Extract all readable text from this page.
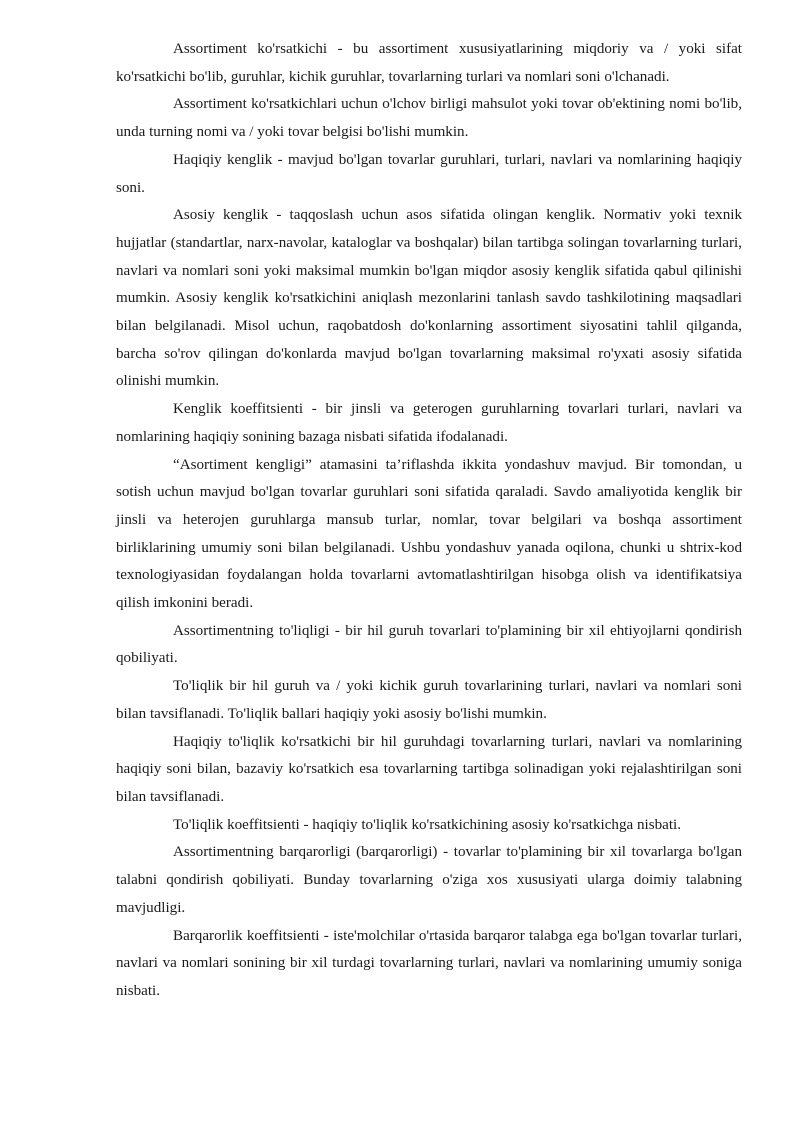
Assortiment ko'rsatkichi - bu assortiment xususiyatlarining miqdoriy va / yoki sifat ko'rsatkichi bo'lib, guruhlar, kichik guruhlar, tovarlarning turlari va nomlari soni o'lchanadi.

Assortiment ko'rsatkichlari uchun o'lchov birligi mahsulot yoki tovar ob'ektining nomi bo'lib, unda turning nomi va / yoki tovar belgisi bo'lishi mumkin.

Haqiqiy kenglik - mavjud bo'lgan tovarlar guruhlari, turlari, navlari va nomlarining haqiqiy soni.

Asosiy kenglik - taqqoslash uchun asos sifatida olingan kenglik. Normativ yoki texnik hujjatlar (standartlar, narx-navolar, kataloglar va boshqalar) bilan tartibga solingan tovarlarning turlari, navlari va nomlari soni yoki maksimal mumkin bo'lgan miqdor asosiy kenglik sifatida qabul qilinishi mumkin. Asosiy kenglik ko'rsatkichini aniqlash mezonlarini tanlash savdo tashkilotining maqsadlari bilan belgilanadi. Misol uchun, raqobatdosh do'konlarning assortiment siyosatini tahlil qilganda, barcha so'rov qilingan do'konlarda mavjud bo'lgan tovarlarning maksimal ro'yxati asosiy sifatida olinishi mumkin.

Kenglik koeffitsienti - bir jinsli va geterogen guruhlarning tovarlari turlari, navlari va nomlarining haqiqiy sonining bazaga nisbati sifatida ifodalanadi.

“Asortiment kengligi” atamasini ta’riflashda ikkita yondashuv mavjud. Bir tomondan, u sotish uchun mavjud bo'lgan tovarlar guruhlari soni sifatida qaraladi. Savdo amaliyotida kenglik bir jinsli va heterojen guruhlarga mansub turlar, nomlar, tovar belgilari va boshqa assortiment birliklarining umumiy soni bilan belgilanadi. Ushbu yondashuv yanada oqilona, chunki u shtrix-kod texnologiyasidan foydalangan holda tovarlarni avtomatlashtirilgan hisobga olish va identifikatsiya qilish imkonini beradi.

Assortimentning to'liqligi - bir hil guruh tovarlari to'plamining bir xil ehtiyojlarni qondirish qobiliyati.

To'liqlik bir hil guruh va / yoki kichik guruh tovarlarining turlari, navlari va nomlari soni bilan tavsiflanadi. To'liqlik ballari haqiqiy yoki asosiy bo'lishi mumkin.

Haqiqiy to'liqlik ko'rsatkichi bir hil guruhdagi tovarlarning turlari, navlari va nomlarining haqiqiy soni bilan, bazaviy ko'rsatkich esa tovarlarning tartibga solinadigan yoki rejalashtirilgan soni bilan tavsiflanadi.

To'liqlik koeffitsienti - haqiqiy to'liqlik ko'rsatkichining asosiy ko'rsatkichga nisbati.

Assortimentning barqarorligi (barqarorligi) - tovarlar to'plamining bir xil tovarlarga bo'lgan talabni qondirish qobiliyati. Bunday tovarlarning o'ziga xos xususiyati ularga doimiy talabning mavjudligi.

Barqarorlik koeffitsienti - iste'molchilar o'rtasida barqaror talabga ega bo'lgan tovarlar turlari, navlari va nomlari sonining bir xil turdagi tovarlarning turlari, navlari va nomlarining umumiy soniga nisbati.
